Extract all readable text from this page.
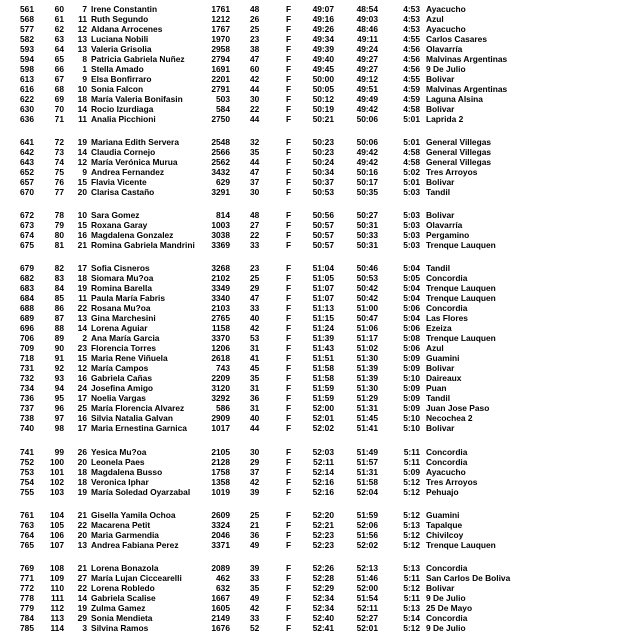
561	60	7 Irene Constantin	1761 48	F	49:07	48:54	4:53 Ayacucho
568	61	11 Ruth Segundo	1212 26	F	49:16	49:03	4:53 Azul
577	62	12 Aldana Arrocenes	1767 25	F	49:26	48:46	4:53 Ayacucho
582	63	13 Luciana Nobili	1970 23	F	49:34	49:11	4:55 Carlos Casares
593	64	13 Valeria Grisolia	2958 38	F	49:39	49:24	4:56 Olavarría
594	65	8 Patricia Gabriela Nuñez	2794 47	F	49:40	49:27	4:56 Malvinas Argentinas
598	66	1 Stella Amado	1691 60	F	49:45	49:27	4:56 9 De Julio
613	67	9 Elsa Bonfirraro	2201 42	F	50:00	49:12	4:55 Bolivar
616	68	10 Sonia Falcon	2791 44	F	50:05	49:51	4:59 Malvinas Argentinas
622	69	18 María Valeria Bonifasin	503 30	F	50:12	49:49	4:59 Laguna Alsina
630	70	14 Rocio Izurdiaga	584 22	F	50:19	49:42	4:58 Bolivar
636	71	11 Analia Picchioni	2750 44	F	50:21	50:06	5:01 Laprida 2
641	72	19 Mariana Edith Servera	2548 32	F	50:23	50:06	5:01 General Villegas
642	73	14 Claudia Cornejo	2566 35	F	50:23	49:42	4:58 General Villegas
643	74	12 María Verónica Murua	2562 44	F	50:24	49:42	4:58 General Villegas
652	75	9 Andrea Fernandez	3432 47	F	50:34	50:16	5:02 Tres Arroyos
657	76	15 Flavia Vicente	629 37	F	50:37	50:17	5:01 Bolivar
670	77	20 Clarisa Castaño	3291 30	F	50:53	50:35	5:03 Tandil
672	78	10 Sara Gomez	814 48	F	50:56	50:27	5:03 Bolivar
673	79	15 Roxana Garay	1003 27	F	50:57	50:31	5:03 Olavarría
674	80	16 Magdalena Gonzalez	3038 22	F	50:57	50:33	5:03 Pergamino
675	81	21 Romina Gabriela Mandrini	3369 33	F	50:57	50:31	5:03 Trenque Lauquen
679	82	17 Sofia Cisneros	3268 23	F	51:04	50:46	5:04 Tandil
682	83	18 Siomara Mu?oa	2102 25	F	51:05	50:53	5:05 Concordia
683	84	19 Romina Barella	3349 29	F	51:07	50:42	5:04 Trenque Lauquen
684	85	11 Paula María Fabris	3340 47	F	51:07	50:42	5:04 Trenque Lauquen
688	86	22 Rosana Mu?oa	2103 33	F	51:13	51:00	5:06 Concordia
689	87	13 Gina Marchesini	2765 40	F	51:15	50:47	5:04 Las Flores
696	88	14 Lorena Aguiar	1158 42	F	51:24	51:06	5:06 Ezeiza
706	89	2 Ana María Garcia	3370 53	F	51:39	51:17	5:08 Trenque Lauquen
709	90	23 Florencia Torres	1206 31	F	51:43	51:02	5:06 Azul
718	91	15 Maria Rene Viñuela	2618 41	F	51:51	51:30	5:09 Guamini
731	92	12 María Campos	743 45	F	51:58	51:39	5:09 Bolivar
732	93	16 Gabriela Cañas	2209 35	F	51:58	51:39	5:10 Daireaux
734	94	24 Josefina Amigo	3120 31	F	51:59	51:30	5:09 Puan
736	95	17 Noelia Vargas	3292 36	F	51:59	51:29	5:09 Tandil
737	96	25 María Florencia Alvarez	586 31	F	52:00	51:31	5:09 Juan Jose Paso
738	97	16 Silvia Natalia Galvan	2909 40	F	52:01	51:45	5:10 Necochea 2
740	98	17 Maria Ernestina Garnica	1017 44	F	52:02	51:41	5:10 Bolivar
741	99	26 Yesica Mu?oa	2105 30	F	52:03	51:49	5:11 Concordia
752 100	20 Leonela Paes	2128 29	F	52:11	51:57	5:11 Concordia
753 101	18 Magdalena Busso	1758 37	F	52:14	51:31	5:09 Ayacucho
754 102	18 Veronica Iphar	1358 42	F	52:16	51:58	5:12 Tres Arroyos
755 103	19 María Soledad Oyarzabal	1019 39	F	52:16	52:04	5:12 Pehuajo
761 104	21 Gisella Yamila Ochoa	2609 25	F	52:20	51:59	5:12 Guamini
763 105	22 Macarena Petit	3324 21	F	52:21	52:06	5:13 Tapalque
764 106	20 Maria Garmendia	2046 36	F	52:23	51:56	5:12 Chivilcoy
765 107	13 Andrea Fabiana Perez	3371 49	F	52:23	52:02	5:12 Trenque Lauquen
769 108	21 Lorena Bonazola	2089 39	F	52:26	52:13	5:13 Concordia
771 109	27 María Lujan Ciccearelli	462 33	F	52:28	51:46	5:11 San Carlos De Boliva
772 110	22 Lorena Robledo	632 35	F	52:29	52:00	5:12 Bolivar
778	111	14 Gabriela Scalise	1667 49	F	52:34	51:54	5:11 9 De Julio
779 112	19 Zulma Gamez	1605 42	F	52:34	52:11	5:13 25 De Mayo
784 113	29 Sonia Mendieta	2149 33	F	52:40	52:27	5:14 Concordia
785 114	3 Silvina Ramos	1676 52	F	52:41	52:01	5:12 9 De Julio
